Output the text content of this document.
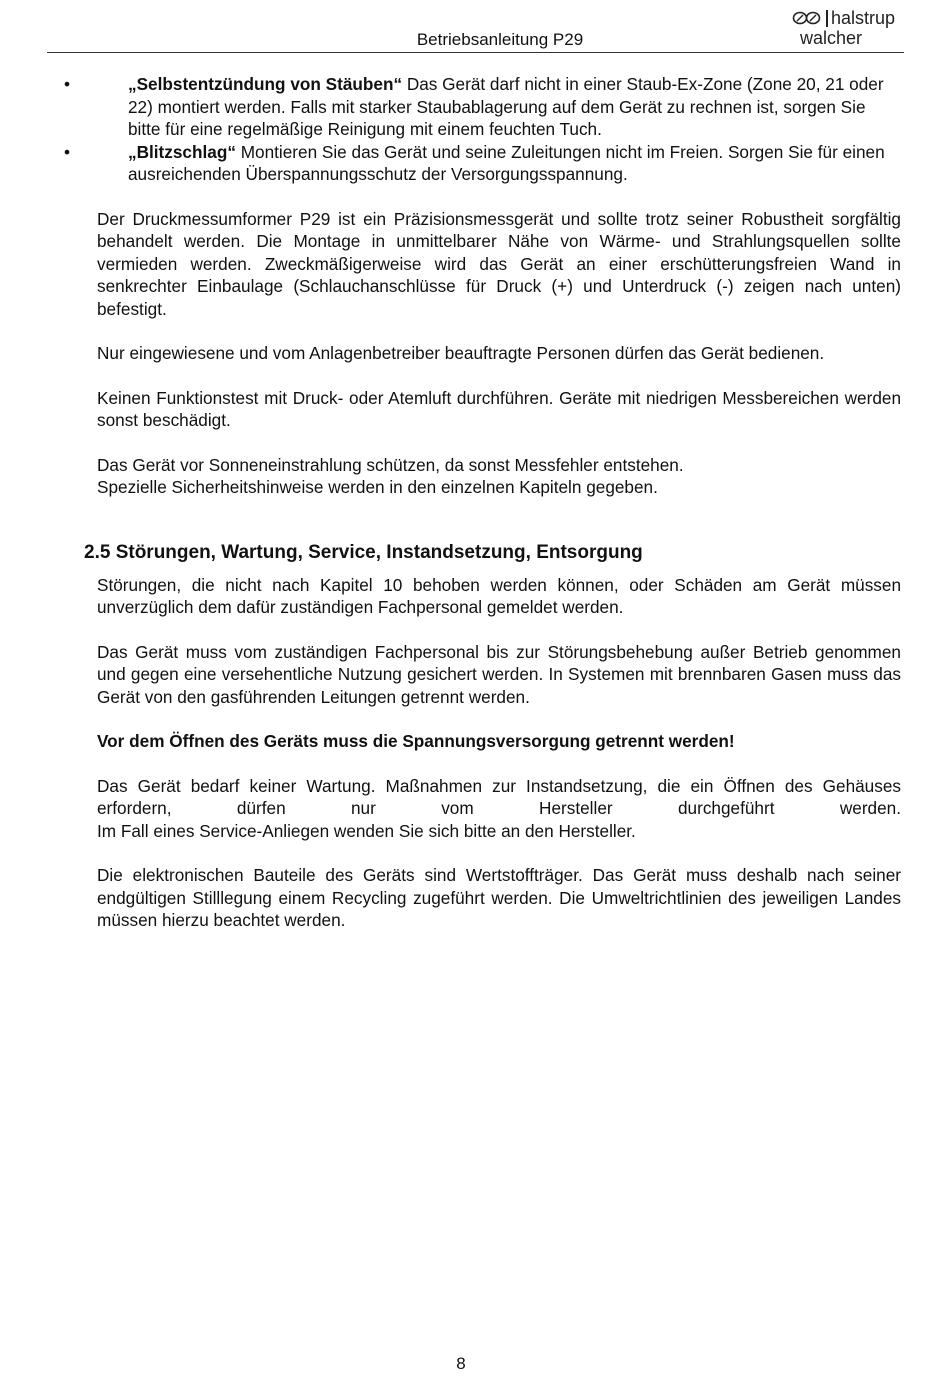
Betriebsanleitung P29
halstrup
walcher
•	„Selbstentzündung von Stäuben“ Das Gerät darf nicht in einer Staub-Ex-Zone (Zone 20, 21 oder 22) montiert werden. Falls mit starker Staubablagerung auf dem Gerät zu rechnen ist, sorgen Sie bitte für eine regelmäßige Reinigung mit einem feuchten Tuch.
•	„Blitzschlag“ Montieren Sie das Gerät und seine Zuleitungen nicht im Freien. Sorgen Sie für einen ausreichenden Überspannungsschutz der Versorgungsspannung.

Der Druckmessumformer P29 ist ein Präzisionsmessgerät und sollte trotz seiner Robustheit sorgfältig behandelt werden. Die Montage in unmittelbarer Nähe von Wärme- und Strahlungsquellen sollte vermieden werden. Zweckmäßigerweise wird das Gerät an einer erschütterungsfreien Wand in senkrechter Einbaulage (Schlauchanschlüsse für Druck (+) und Unterdruck (-) zeigen nach unten) befestigt.

Nur eingewiesene und vom Anlagenbetreiber beauftragte Personen dürfen das Gerät bedienen.

Keinen Funktionstest mit Druck- oder Atemluft durchführen. Geräte mit niedrigen Messbereichen werden sonst beschädigt.

Das Gerät vor Sonneneinstrahlung schützen, da sonst Messfehler entstehen.

Spezielle Sicherheitshinweise werden in den einzelnen Kapiteln gegeben.

2.5 Störungen, Wartung, Service, Instandsetzung, Entsorgung

Störungen, die nicht nach Kapitel 10 behoben werden können, oder Schäden am Gerät müssen unverzüglich dem dafür zuständigen Fachpersonal gemeldet werden.

Das Gerät muss vom zuständigen Fachpersonal bis zur Störungsbehebung außer Betrieb genommen und gegen eine versehentliche Nutzung gesichert werden. In Systemen mit brennbaren Gasen muss das Gerät von den gasführenden Leitungen getrennt werden.

Vor dem Öffnen des Geräts muss die Spannungsversorgung getrennt werden!

Das Gerät bedarf keiner Wartung. Maßnahmen zur Instandsetzung, die ein Öffnen des Gehäuses erfordern, dürfen nur vom Hersteller durchgeführt werden.

Im Fall eines Service-Anliegen wenden Sie sich bitte an den Hersteller.

Die elektronischen Bauteile des Geräts sind Wertstoffträger. Das Gerät muss deshalb nach seiner endgültigen Stilllegung einem Recycling zugeführt werden. Die Umweltrichtlinien des jeweiligen Landes müssen hierzu beachtet werden.

8
